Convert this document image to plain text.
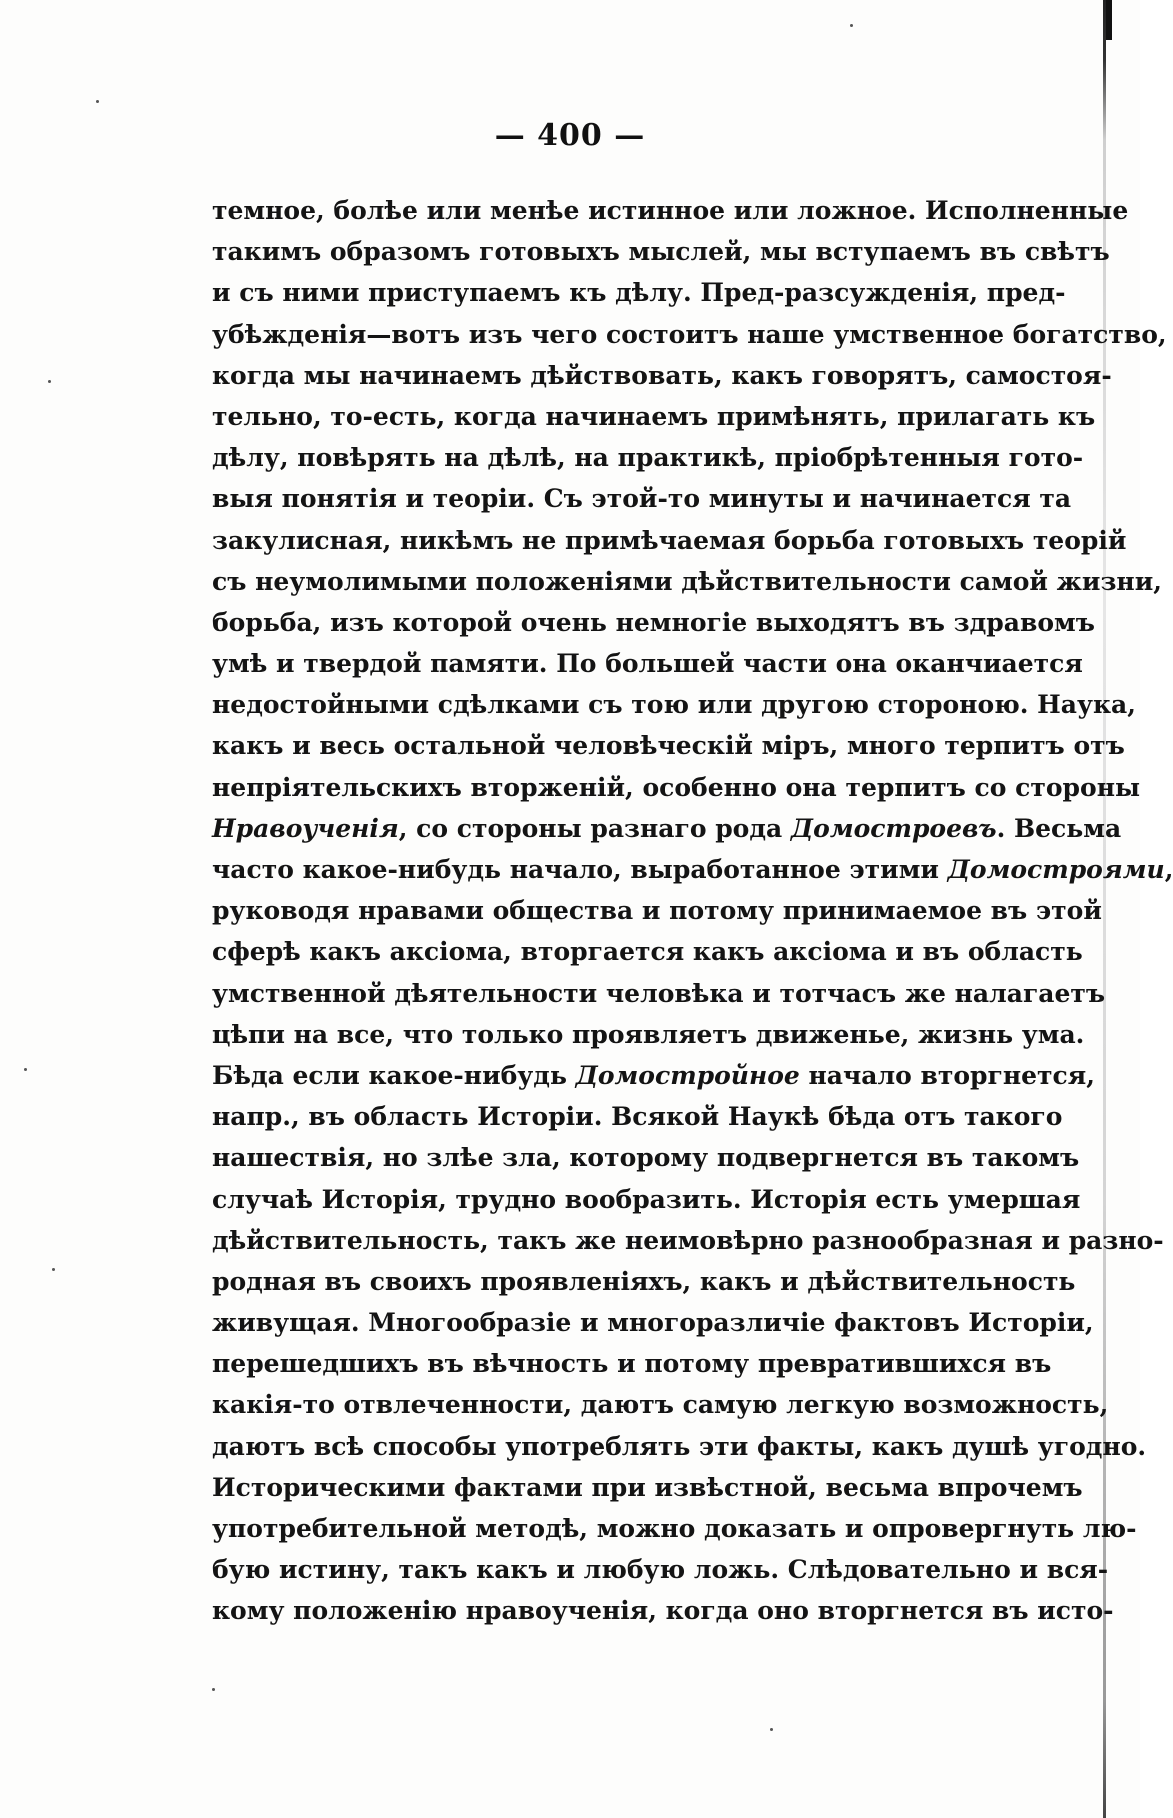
— 400 —
темное, болѣе или менѣе истинное или ложное. Исполненные
такимъ образомъ готовыхъ мыслей, мы вступаемъ въ свѣтъ
и съ ними приступаемъ къ дѣлу. Пред-разсужденія, пред-
убѣжденія—вотъ изъ чего состоитъ наше умственное богатство,
когда мы начинаемъ дѣйствовать, какъ говорятъ, самостоя-
тельно, то-есть, когда начинаемъ примѣнять, прилагать къ
дѣлу, повѣрять на дѣлѣ, на практикѣ, пріобрѣтенныя гото-
выя понятія и теоріи. Съ этой-то минуты и начинается та
закулисная, никѣмъ не примѣчаемая борьба готовыхъ теорій
съ неумолимыми положеніями дѣйствительности самой жизни,
борьба, изъ которой очень немногіе выходятъ въ здравомъ
умѣ и твердой памяти. По большей части она оканчиается
недостойными сдѣлками съ тою или другою стороною. Наука,
какъ и весь остальной человѣческій міръ, много терпитъ отъ
непріятельскихъ вторженій, особенно она терпитъ со стороны
Нравоученія, со стороны разнаго рода Домостроевъ. Весьма
часто какое-нибудь начало, выработанное этими Домостроями,
руководя нравами общества и потому принимаемое въ этой
сферѣ какъ аксіома, вторгается какъ аксіома и въ область
умственной дѣятельности человѣка и тотчасъ же налагаетъ
цѣпи на все, что только проявляетъ движенье, жизнь ума.
Бѣда если какое-нибудь Домостройное начало вторгнется,
напр., въ область Исторіи. Всякой Наукѣ бѣда отъ такого
нашествія, но злѣе зла, которому подвергнется въ такомъ
случаѣ Исторія, трудно вообразить. Исторія есть умершая
дѣйствительность, такъ же неимовѣрно разнообразная и разно-
родная въ своихъ проявленіяхъ, какъ и дѣйствительность
живущая. Многообразіе и многоразличіе фактовъ Исторіи,
перешедшихъ въ вѣчность и потому превратившихся въ
какія-то отвлеченности, даютъ самую легкую возможность,
даютъ всѣ способы употреблять эти факты, какъ душѣ угодно.
Историческими фактами при извѣстной, весьма впрочемъ
употребительной методѣ, можно доказать и опровергнуть лю-
бую истину, такъ какъ и любую ложь. Слѣдовательно и вся-
кому положенію нравоученія, когда оно вторгнется въ исто-
